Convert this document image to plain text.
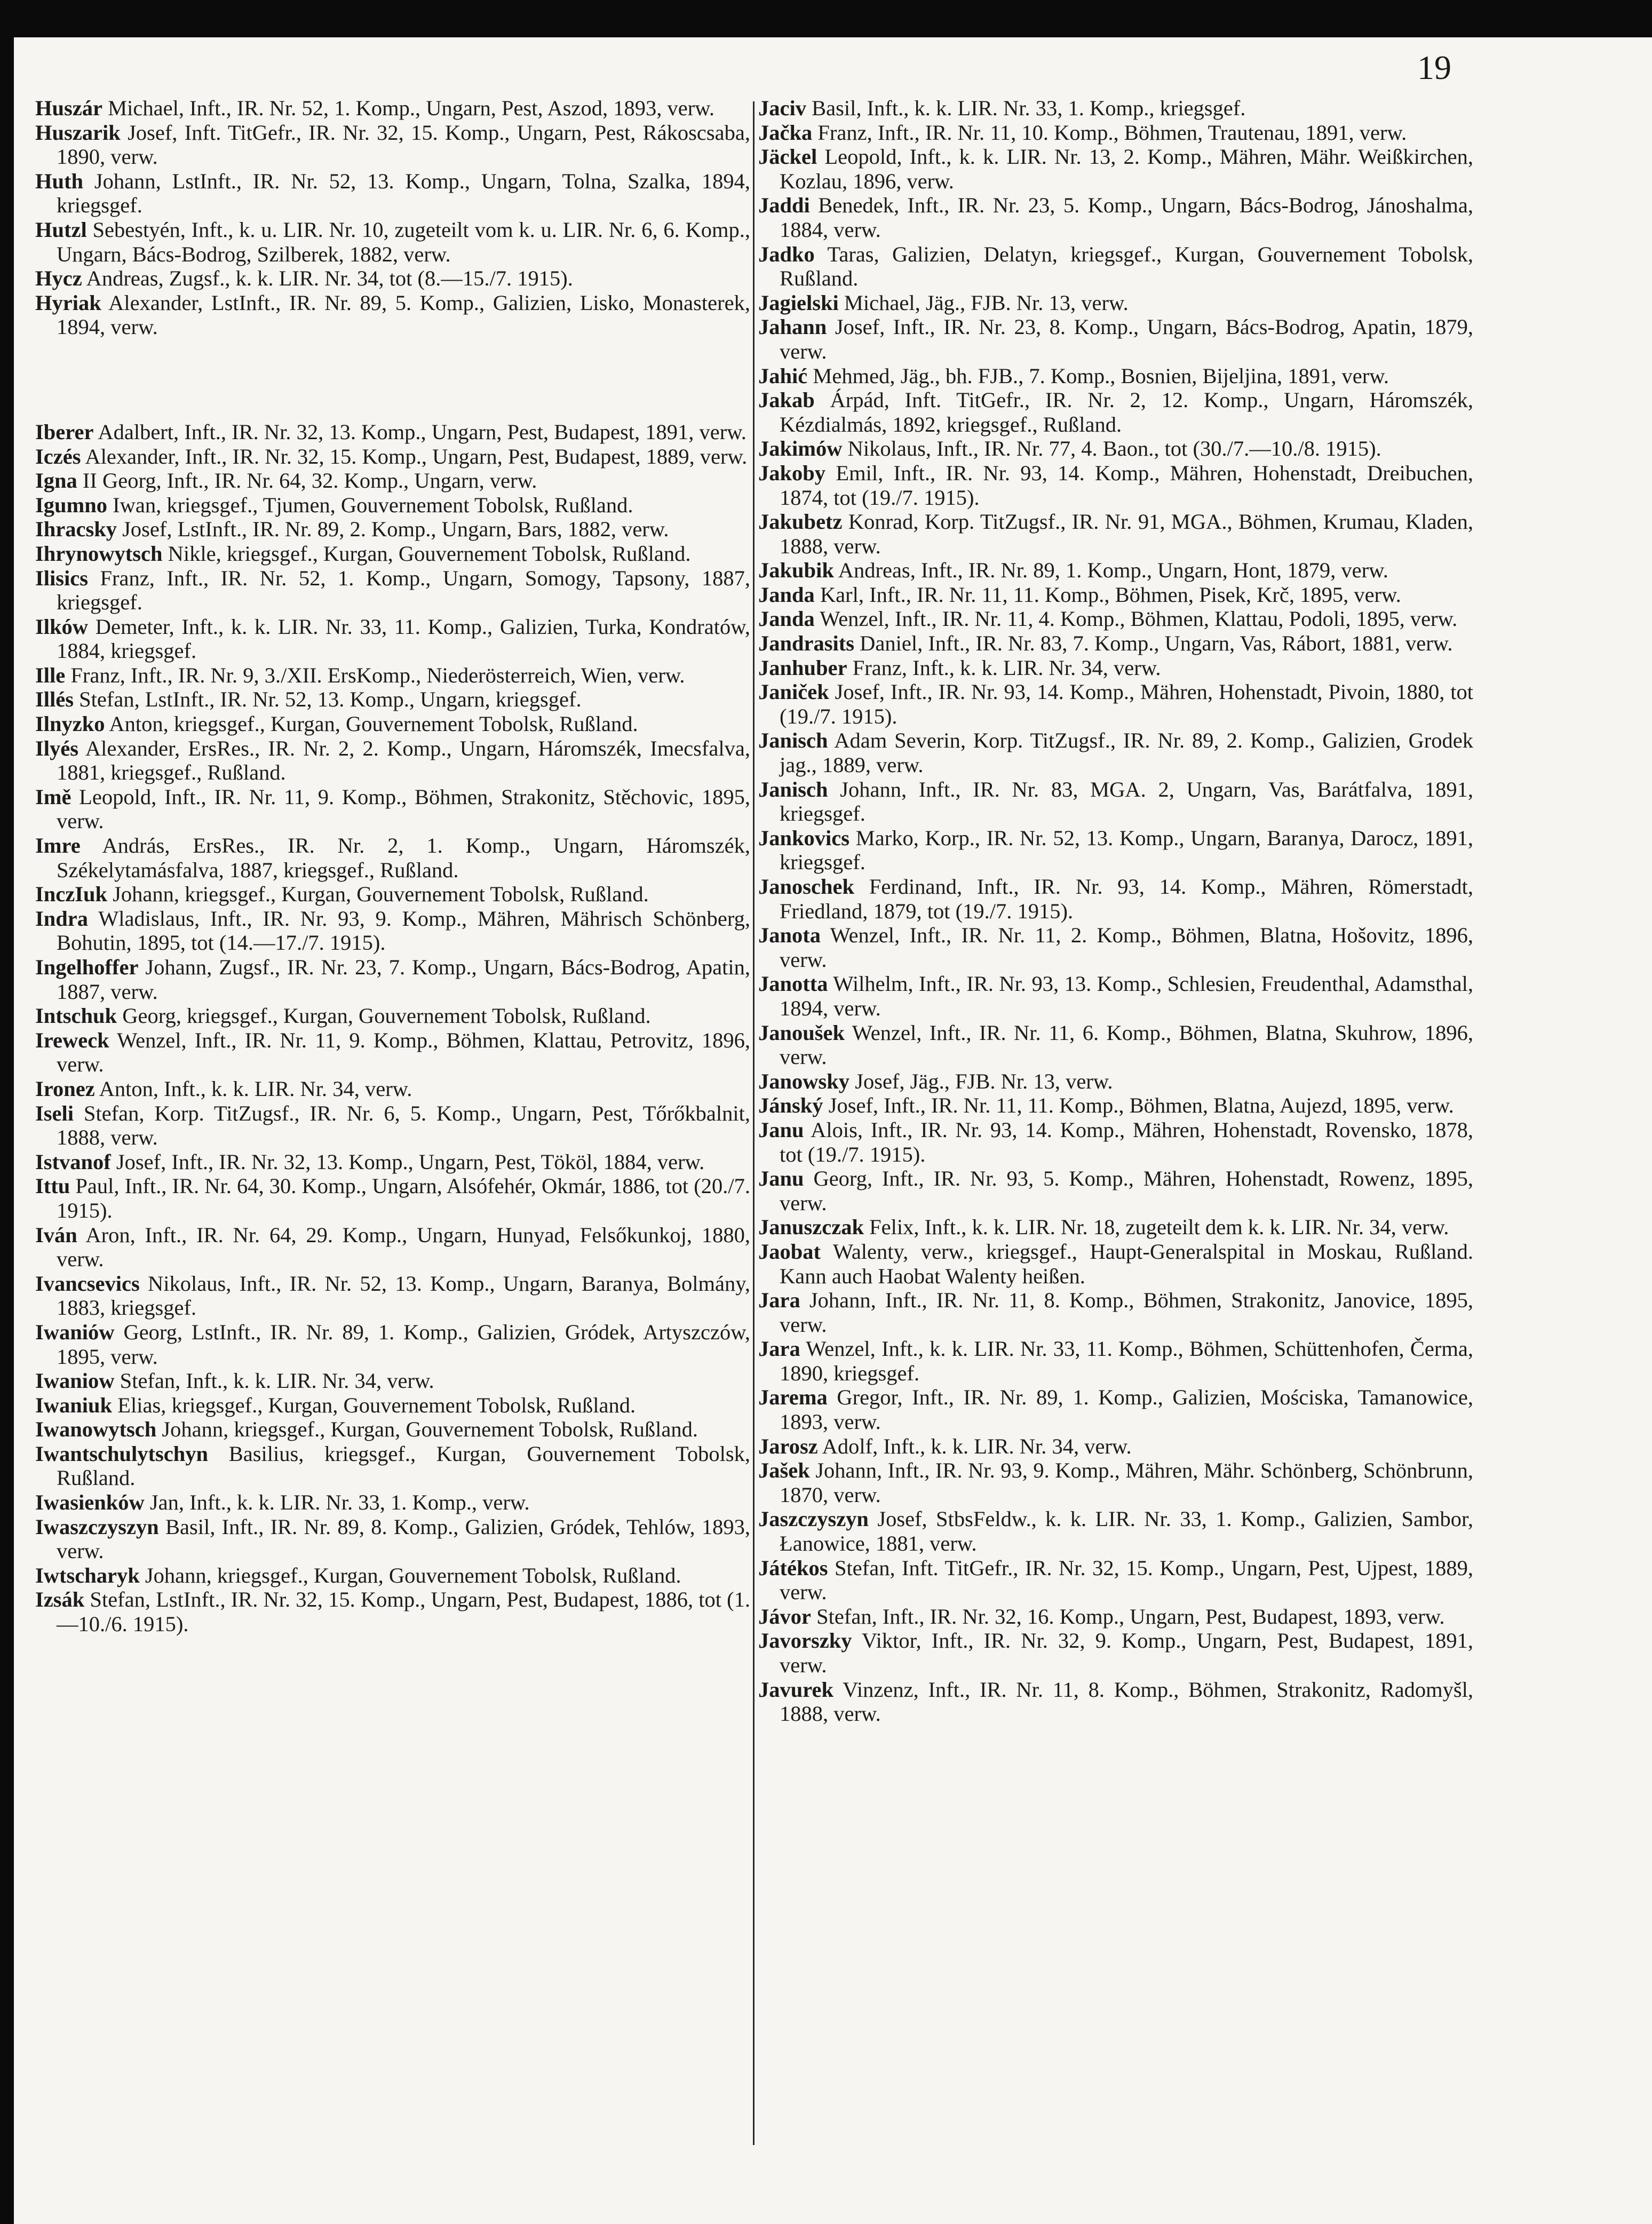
19

Huszár Michael, Inft., IR. Nr. 52, 1. Komp., Ungarn, Pest, Aszod, 1893, verw.

Huszarik Josef, Inft. TitGefr., IR. Nr. 32, 15. Komp., Ungarn, Pest, Rákoscsaba, 1890, verw.

Huth Johann, LstInft., IR. Nr. 52, 13. Komp., Ungarn, Tolna, Szalka, 1894, kriegsgef.

Hutzl Sebestyén, Inft., k. u. LIR. Nr. 10, zugeteilt vom k. u. LIR. Nr. 6, 6. Komp., Ungarn, Bács-Bodrog, Szilberek, 1882, verw.

Hycz Andreas, Zugsf., k. k. LIR. Nr. 34, tot (8.—15./7. 1915).

Hyriak Alexander, LstInft., IR. Nr. 89, 5. Komp., Galizien, Lisko, Monasterek, 1894, verw.

Iberer Adalbert, Inft., IR. Nr. 32, 13. Komp., Ungarn, Pest, Budapest, 1891, verw.

Iczés Alexander, Inft., IR. Nr. 32, 15. Komp., Ungarn, Pest, Budapest, 1889, verw.

Igna II Georg, Inft., IR. Nr. 64, 32. Komp., Ungarn, verw.

Igumno Iwan, kriegsgef., Tjumen, Gouvernement Tobolsk, Rußland.

Ihracsky Josef, LstInft., IR. Nr. 89, 2. Komp., Ungarn, Bars, 1882, verw.

Ihrynowytsch Nikle, kriegsgef., Kurgan, Gouvernement Tobolsk, Rußland.

Ilisics Franz, Inft., IR. Nr. 52, 1. Komp., Ungarn, Somogy, Tapsony, 1887, kriegsgef.

Ilków Demeter, Inft., k. k. LIR. Nr. 33, 11. Komp., Galizien, Turka, Kondratów, 1884, kriegsgef.

Ille Franz, Inft., IR. Nr. 9, 3./XII. ErsKomp., Niederösterreich, Wien, verw.

Illés Stefan, LstInft., IR. Nr. 52, 13. Komp., Ungarn, kriegsgef.

Ilnyzko Anton, kriegsgef., Kurgan, Gouvernement Tobolsk, Rußland.

Ilyés Alexander, ErsRes., IR. Nr. 2, 2. Komp., Ungarn, Háromszék, Imecsfalva, 1881, kriegsgef., Rußland.

Imě Leopold, Inft., IR. Nr. 11, 9. Komp., Böhmen, Strakonitz, Stěchovic, 1895, verw.

Imre András, ErsRes., IR. Nr. 2, 1. Komp., Ungarn, Háromszék, Székelytamásfalva, 1887, kriegsgef., Rußland.

InczIuk Johann, kriegsgef., Kurgan, Gouvernement Tobolsk, Rußland.

Indra Wladislaus, Inft., IR. Nr. 93, 9. Komp., Mähren, Mährisch Schönberg, Bohutin, 1895, tot (14.—17./7. 1915).

Ingelhoffer Johann, Zugsf., IR. Nr. 23, 7. Komp., Ungarn, Bács-Bodrog, Apatin, 1887, verw.

Intschuk Georg, kriegsgef., Kurgan, Gouvernement Tobolsk, Rußland.

Ireweck Wenzel, Inft., IR. Nr. 11, 9. Komp., Böhmen, Klattau, Petrovitz, 1896, verw.

Ironez Anton, Inft., k. k. LIR. Nr. 34, verw.

Iseli Stefan, Korp. TitZugsf., IR. Nr. 6, 5. Komp., Ungarn, Pest, Tőrőkbalnit, 1888, verw.

Istvanof Josef, Inft., IR. Nr. 32, 13. Komp., Ungarn, Pest, Tököl, 1884, verw.

Ittu Paul, Inft., IR. Nr. 64, 30. Komp., Ungarn, Alsófehér, Okmár, 1886, tot (20./7. 1915).

Iván Aron, Inft., IR. Nr. 64, 29. Komp., Ungarn, Hunyad, Felsőkunkoj, 1880, verw.

Ivancsevics Nikolaus, Inft., IR. Nr. 52, 13. Komp., Ungarn, Baranya, Bolmány, 1883, kriegsgef.

Iwaniów Georg, LstInft., IR. Nr. 89, 1. Komp., Galizien, Gródek, Artyszczów, 1895, verw.

Iwaniow Stefan, Inft., k. k. LIR. Nr. 34, verw.

Iwaniuk Elias, kriegsgef., Kurgan, Gouvernement Tobolsk, Rußland.

Iwanowytsch Johann, kriegsgef., Kurgan, Gouvernement Tobolsk, Rußland.

Iwantschulytschyn Basilius, kriegsgef., Kurgan, Gouvernement Tobolsk, Rußland.

Iwasienków Jan, Inft., k. k. LIR. Nr. 33, 1. Komp., verw.

Iwaszczyszyn Basil, Inft., IR. Nr. 89, 8. Komp., Galizien, Gródek, Tehlów, 1893, verw.

Iwtscharyk Johann, kriegsgef., Kurgan, Gouvernement Tobolsk, Rußland.

Izsák Stefan, LstInft., IR. Nr. 32, 15. Komp., Ungarn, Pest, Budapest, 1886, tot (1.—10./6. 1915).

Jaciv Basil, Inft., k. k. LIR. Nr. 33, 1. Komp., kriegsgef.

Jačka Franz, Inft., IR. Nr. 11, 10. Komp., Böhmen, Trautenau, 1891, verw.

Jäckel Leopold, Inft., k. k. LIR. Nr. 13, 2. Komp., Mähren, Mähr. Weißkirchen, Kozlau, 1896, verw.

Jaddi Benedek, Inft., IR. Nr. 23, 5. Komp., Ungarn, Bács-Bodrog, Jánoshalma, 1884, verw.

Jadko Taras, Galizien, Delatyn, kriegsgef., Kurgan, Gouvernement Tobolsk, Rußland.

Jagielski Michael, Jäg., FJB. Nr. 13, verw.

Jahann Josef, Inft., IR. Nr. 23, 8. Komp., Ungarn, Bács-Bodrog, Apatin, 1879, verw.

Jahić Mehmed, Jäg., bh. FJB., 7. Komp., Bosnien, Bijeljina, 1891, verw.

Jakab Árpád, Inft. TitGefr., IR. Nr. 2, 12. Komp., Ungarn, Háromszék, Kézdialmás, 1892, kriegsgef., Rußland.

Jakimów Nikolaus, Inft., IR. Nr. 77, 4. Baon., tot (30./7.—10./8. 1915).

Jakoby Emil, Inft., IR. Nr. 93, 14. Komp., Mähren, Hohenstadt, Dreibuchen, 1874, tot (19./7. 1915).

Jakubetz Konrad, Korp. TitZugsf., IR. Nr. 91, MGA., Böhmen, Krumau, Kladen, 1888, verw.

Jakubik Andreas, Inft., IR. Nr. 89, 1. Komp., Ungarn, Hont, 1879, verw.

Janda Karl, Inft., IR. Nr. 11, 11. Komp., Böhmen, Pisek, Krč, 1895, verw.

Janda Wenzel, Inft., IR. Nr. 11, 4. Komp., Böhmen, Klattau, Podoli, 1895, verw.

Jandrasits Daniel, Inft., IR. Nr. 83, 7. Komp., Ungarn, Vas, Rábort, 1881, verw.

Janhuber Franz, Inft., k. k. LIR. Nr. 34, verw.

Janiček Josef, Inft., IR. Nr. 93, 14. Komp., Mähren, Hohenstadt, Pivoin, 1880, tot (19./7. 1915).

Janisch Adam Severin, Korp. TitZugsf., IR. Nr. 89, 2. Komp., Galizien, Grodek jag., 1889, verw.

Janisch Johann, Inft., IR. Nr. 83, MGA. 2, Ungarn, Vas, Barátfalva, 1891, kriegsgef.

Jankovics Marko, Korp., IR. Nr. 52, 13. Komp., Ungarn, Baranya, Darocz, 1891, kriegsgef.

Janoschek Ferdinand, Inft., IR. Nr. 93, 14. Komp., Mähren, Römerstadt, Friedland, 1879, tot (19./7. 1915).

Janota Wenzel, Inft., IR. Nr. 11, 2. Komp., Böhmen, Blatna, Hošovitz, 1896, verw.

Janotta Wilhelm, Inft., IR. Nr. 93, 13. Komp., Schlesien, Freudenthal, Adamsthal, 1894, verw.

Janoušek Wenzel, Inft., IR. Nr. 11, 6. Komp., Böhmen, Blatna, Skuhrow, 1896, verw.

Janowsky Josef, Jäg., FJB. Nr. 13, verw.

Jánský Josef, Inft., IR. Nr. 11, 11. Komp., Böhmen, Blatna, Aujezd, 1895, verw.

Janu Alois, Inft., IR. Nr. 93, 14. Komp., Mähren, Hohenstadt, Rovensko, 1878, tot (19./7. 1915).

Janu Georg, Inft., IR. Nr. 93, 5. Komp., Mähren, Hohenstadt, Rowenz, 1895, verw.

Januszczak Felix, Inft., k. k. LIR. Nr. 18, zugeteilt dem k. k. LIR. Nr. 34, verw.

Jaobat Walenty, verw., kriegsgef., Haupt-Generalspital in Moskau, Rußland. Kann auch Haobat Walenty heißen.

Jara Johann, Inft., IR. Nr. 11, 8. Komp., Böhmen, Strakonitz, Janovice, 1895, verw.

Jara Wenzel, Inft., k. k. LIR. Nr. 33, 11. Komp., Böhmen, Schüttenhofen, Čerma, 1890, kriegsgef.

Jarema Gregor, Inft., IR. Nr. 89, 1. Komp., Galizien, Mościska, Tamanowice, 1893, verw.

Jarosz Adolf, Inft., k. k. LIR. Nr. 34, verw.

Jašek Johann, Inft., IR. Nr. 93, 9. Komp., Mähren, Mähr. Schönberg, Schönbrunn, 1870, verw.

Jaszczyszyn Josef, StbsFeldw., k. k. LIR. Nr. 33, 1. Komp., Galizien, Sambor, Łanowice, 1881, verw.

Játékos Stefan, Inft. TitGefr., IR. Nr. 32, 15. Komp., Ungarn, Pest, Ujpest, 1889, verw.

Jávor Stefan, Inft., IR. Nr. 32, 16. Komp., Ungarn, Pest, Budapest, 1893, verw.

Javorszky Viktor, Inft., IR. Nr. 32, 9. Komp., Ungarn, Pest, Budapest, 1891, verw.

Javurek Vinzenz, Inft., IR. Nr. 11, 8. Komp., Böhmen, Strakonitz, Radomyšl, 1888, verw.
